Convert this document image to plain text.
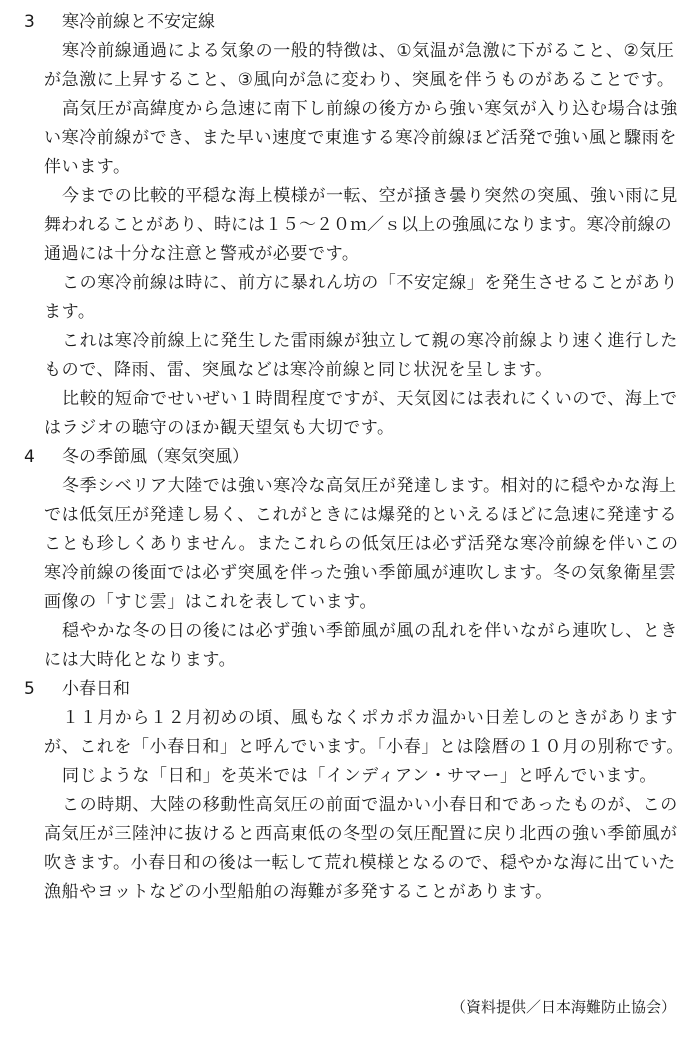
3 寒冷前線と不安定線
寒冷前線通過による気象の一般的特徴は、①気温が急激に下がること、②気圧
が急激に上昇すること、③風向が急に変わり、突風を伴うものがあることです。
高気圧が高緯度から急速に南下し前線の後方から強い寒気が入り込む場合は強
い寒冷前線ができ、また早い速度で東進する寒冷前線ほど活発で強い風と驟雨を
伴います。
今までの比較的平穏な海上模様が一転、空が掻き曇り突然の突風、強い雨に見
舞われることがあり、時には１５～２０ｍ／ｓ以上の強風になります。寒冷前線の
通過には十分な注意と警戒が必要です。
この寒冷前線は時に、前方に暴れん坊の「不安定線」を発生させることがあり
ます。
これは寒冷前線上に発生した雷雨線が独立して親の寒冷前線より速く進行した
もので、降雨、雷、突風などは寒冷前線と同じ状況を呈します。
比較的短命でせいぜい１時間程度ですが、天気図には表れにくいので、海上で
はラジオの聴守のほか観天望気も大切です。
4 冬の季節風（寒気突風）
冬季シベリア大陸では強い寒冷な高気圧が発達します。相対的に穏やかな海上
では低気圧が発達し易く、これがときには爆発的といえるほどに急速に発達する
ことも珍しくありません。またこれらの低気圧は必ず活発な寒冷前線を伴いこの
寒冷前線の後面では必ず突風を伴った強い季節風が連吹します。冬の気象衛星雲
画像の「すじ雲」はこれを表しています。
穏やかな冬の日の後には必ず強い季節風が風の乱れを伴いながら連吹し、とき
には大時化となります。
5 小春日和
１１月から１２月初めの頃、風もなくポカポカ温かい日差しのときがあります
が、これを「小春日和」と呼んでいます。「小春」とは陰暦の１０月の別称です。
同じような「日和」を英米では「インディアン・サマー」と呼んでいます。
この時期、大陸の移動性高気圧の前面で温かい小春日和であったものが、この
高気圧が三陸沖に抜けると西高東低の冬型の気圧配置に戻り北西の強い季節風が
吹きます。小春日和の後は一転して荒れ模様となるので、穏やかな海に出ていた
漁船やヨットなどの小型船舶の海難が多発することがあります。
（資料提供／日本海難防止協会）
